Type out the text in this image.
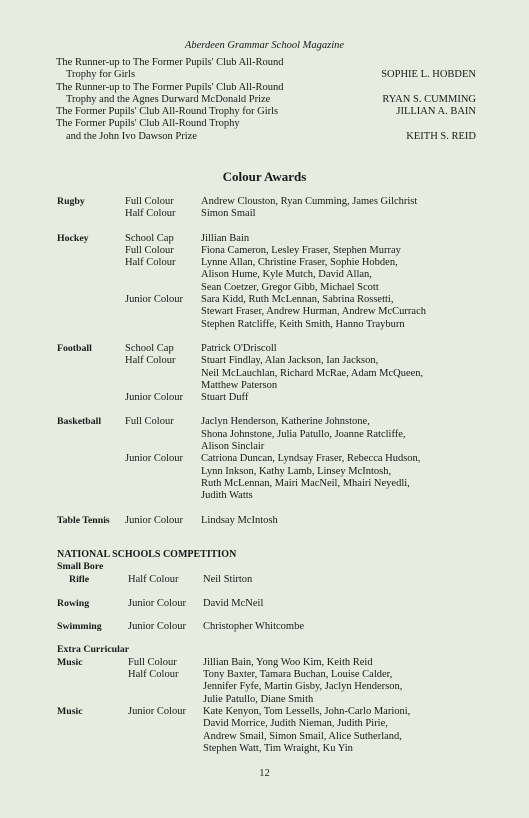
Aberdeen Grammar School Magazine
The Runner-up to The Former Pupils' Club All-Round
Trophy for Girls	SOPHIE L. HOBDEN
The Runner-up to The Former Pupils' Club All-Round
Trophy and the Agnes Durward McDonald Prize	RYAN S. CUMMING
The Former Pupils' Club All-Round Trophy for Girls	JILLIAN A. BAIN
The Former Pupils' Club All-Round Trophy
and the John Ivo Dawson Prize	KEITH S. REID
Colour Awards
Rugby	Full Colour	Andrew Clouston, Ryan Cumming, James Gilchrist
Half Colour	Simon Smail
Hockey	School Cap	Jillian Bain
Full Colour	Fiona Cameron, Lesley Fraser, Stephen Murray
Half Colour	Lynne Allan, Christine Fraser, Sophie Hobden,
Alison Hume, Kyle Mutch, David Allan,
Sean Coetzer, Gregor Gibb, Michael Scott
Junior Colour	Sara Kidd, Ruth McLennan, Sabrina Rossetti,
Stewart Fraser, Andrew Hurman, Andrew McCurrach
Stephen Ratcliffe, Keith Smith, Hanno Trayburn
Football	School Cap	Patrick O'Driscoll
Half Colour	Stuart Findlay, Alan Jackson, Ian Jackson,
Neil McLauchlan, Richard McRae, Adam McQueen,
Matthew Paterson
Junior Colour	Stuart Duff
Basketball	Full Colour	Jaclyn Henderson, Katherine Johnstone,
Shona Johnstone, Julia Patullo, Joanne Ratcliffe,
Alison Sinclair
Junior Colour	Catriona Duncan, Lyndsay Fraser, Rebecca Hudson,
Lynn Inkson, Kathy Lamb, Linsey McIntosh,
Ruth McLennan, Mairi MacNeil, Mhairi Neyedli,
Judith Watts
Table Tennis	Junior Colour	Lindsay McIntosh
NATIONAL SCHOOLS COMPETITION
Small Bore
Rifle	Half Colour	Neil Stirton
Rowing	Junior Colour	David McNeil
Swimming	Junior Colour	Christopher Whitcombe
Extra Curricular
Music	Full Colour	Jillian Bain, Yong Woo Kim, Keith Reid
Half Colour	Tony Baxter, Tamara Buchan, Louise Calder,
Jennifer Fyfe, Martin Gisby, Jaclyn Henderson,
Julie Patullo, Diane Smith
Music	Junior Colour	Kate Kenyon, Tom Lessells, John-Carlo Marioni,
David Morrice, Judith Nieman, Judith Pirie,
Andrew Smail, Simon Smail, Alice Sutherland,
Stephen Watt, Tim Wraight, Ku Yin
12
